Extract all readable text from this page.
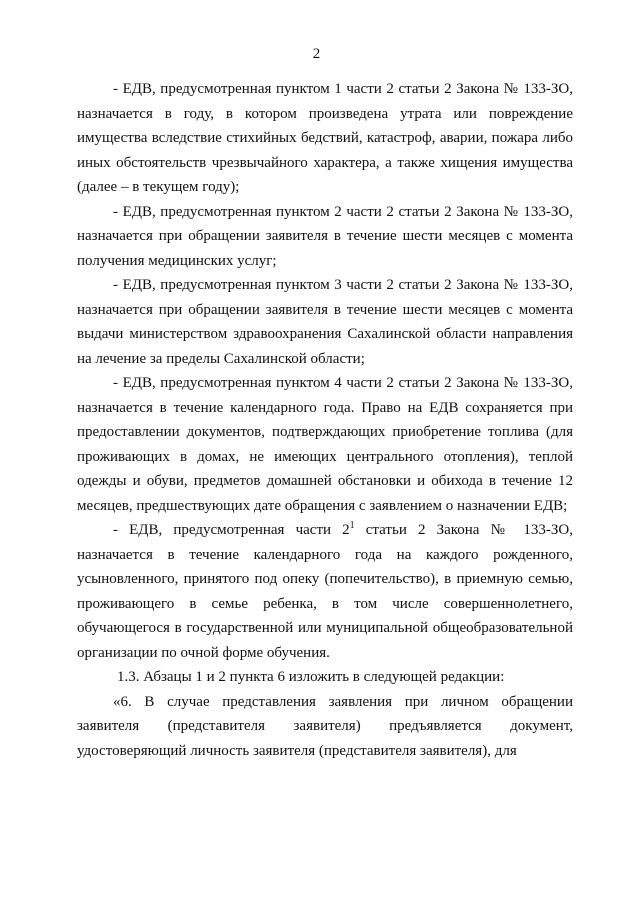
2

- ЕДВ, предусмотренная пунктом 1 части 2 статьи 2 Закона № 133-ЗО, назначается в году, в котором произведена утрата или повреждение имущества вследствие стихийных бедствий, катастроф, аварии, пожара либо иных обстоятельств чрезвычайного характера, а также хищения имущества (далее – в текущем году);

- ЕДВ, предусмотренная пунктом 2 части 2 статьи 2 Закона № 133-ЗО, назначается при обращении заявителя в течение шести месяцев с момента получения медицинских услуг;

- ЕДВ, предусмотренная пунктом 3 части 2 статьи 2 Закона № 133-ЗО, назначается при обращении заявителя в течение шести месяцев с момента выдачи министерством здравоохранения Сахалинской области направления на лечение за пределы Сахалинской области;

- ЕДВ, предусмотренная пунктом 4 части 2 статьи 2 Закона № 133-ЗО, назначается в течение календарного года. Право на ЕДВ сохраняется при предоставлении документов, подтверждающих приобретение топлива (для проживающих в домах, не имеющих центрального отопления), теплой одежды и обуви, предметов домашней обстановки и обихода в течение 12 месяцев, предшествующих дате обращения с заявлением о назначении ЕДВ;

- ЕДВ, предусмотренная части $2^1$ статьи 2 Закона № 133-ЗО, назначается в течение календарного года на каждого рожденного, усыновленного, принятого под опеку (попечительство), в приемную семью, проживающего в семье ребенка, в том числе совершеннолетнего, обучающегося в государственной или муниципальной общеобразовательной организации по очной форме обучения.

1.3. Абзацы 1 и 2 пункта 6 изложить в следующей редакции:

«6. В случае представления заявления при личном обращении заявителя (представителя заявителя) предъявляется документ, удостоверяющий личность заявителя (представителя заявителя), для
